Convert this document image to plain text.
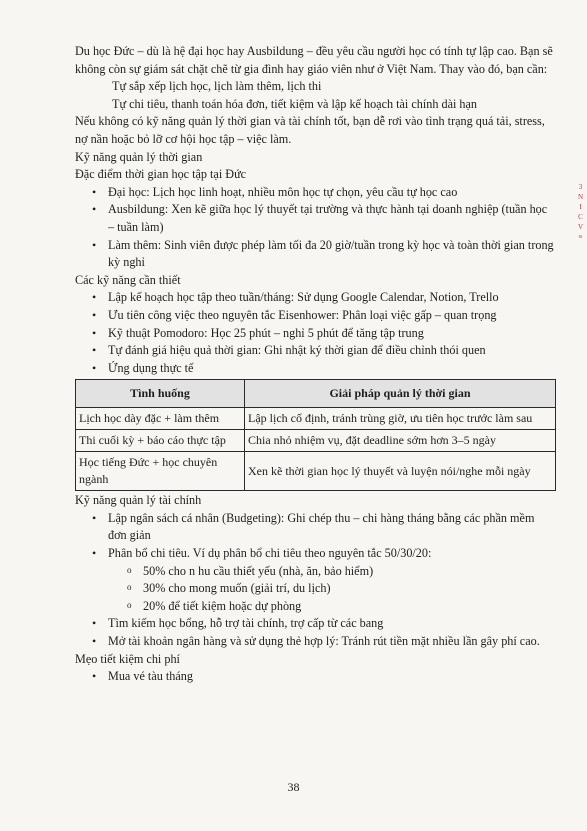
Du học Đức – dù là hệ đại học hay Ausbildung – đều yêu cầu người học có tính tự lập cao. Bạn sẽ không còn sự giám sát chặt chẽ từ gia đình hay giáo viên như ở Việt Nam. Thay vào đó, bạn cần:

Tự sắp xếp lịch học, lịch làm thêm, lịch thi

Tự chi tiêu, thanh toán hóa đơn, tiết kiệm và lập kế hoạch tài chính dài hạn

Nếu không có kỹ năng quản lý thời gian và tài chính tốt, bạn dễ rơi vào tình trạng quá tải, stress, nợ nần hoặc bỏ lỡ cơ hội học tập – việc làm.

Kỹ năng quản lý thời gian

Đặc điểm thời gian học tập tại Đức

• Đại học: Lịch học linh hoạt, nhiều môn học tự chọn, yêu cầu tự học cao
• Ausbildung: Xen kẽ giữa học lý thuyết tại trường và thực hành tại doanh nghiệp (tuần học – tuần làm)
• Làm thêm: Sinh viên được phép làm tối đa 20 giờ/tuần trong kỳ học và toàn thời gian trong kỳ nghỉ

Các kỹ năng cần thiết

• Lập kế hoạch học tập theo tuần/tháng: Sử dụng Google Calendar, Notion, Trello
• Ưu tiên công việc theo nguyên tắc Eisenhower: Phân loại việc gấp – quan trọng
• Kỹ thuật Pomodoro: Học 25 phút – nghỉ 5 phút để tăng tập trung
• Tự đánh giá hiệu quả thời gian: Ghi nhật ký thời gian để điều chỉnh thói quen
• Ứng dụng thực tế
Tình huống	Giải pháp quản lý thời gian
Lịch học dày đặc + làm thêm	Lập lịch cố định, tránh trùng giờ, ưu tiên học trước làm sau
Thi cuối kỳ + báo cáo thực tập	Chia nhỏ nhiệm vụ, đặt deadline sớm hơn 3–5 ngày
Học tiếng Đức + học chuyên ngành	Xen kẽ thời gian học lý thuyết và luyện nói/nghe mỗi ngày

Kỹ năng quản lý tài chính

• Lập ngân sách cá nhân (Budgeting): Ghi chép thu – chi hàng tháng bằng các phần mềm đơn giản
• Phân bổ chi tiêu. Ví dụ phân bổ chi tiêu theo nguyên tắc 50/30/20:
o 50% cho n hu cầu thiết yếu (nhà, ăn, bảo hiểm)
o 30% cho mong muốn (giải trí, du lịch)
o 20% để tiết kiệm hoặc dự phòng
• Tìm kiếm học bổng, hỗ trợ tài chính, trợ cấp từ các bang
• Mở tài khoản ngân hàng và sử dụng thẻ hợp lý: Tránh rút tiền mặt nhiều lần gây phí cao.

Mẹo tiết kiệm chi phí

• Mua vé tàu tháng
38
3
N
I
C
V
≡
